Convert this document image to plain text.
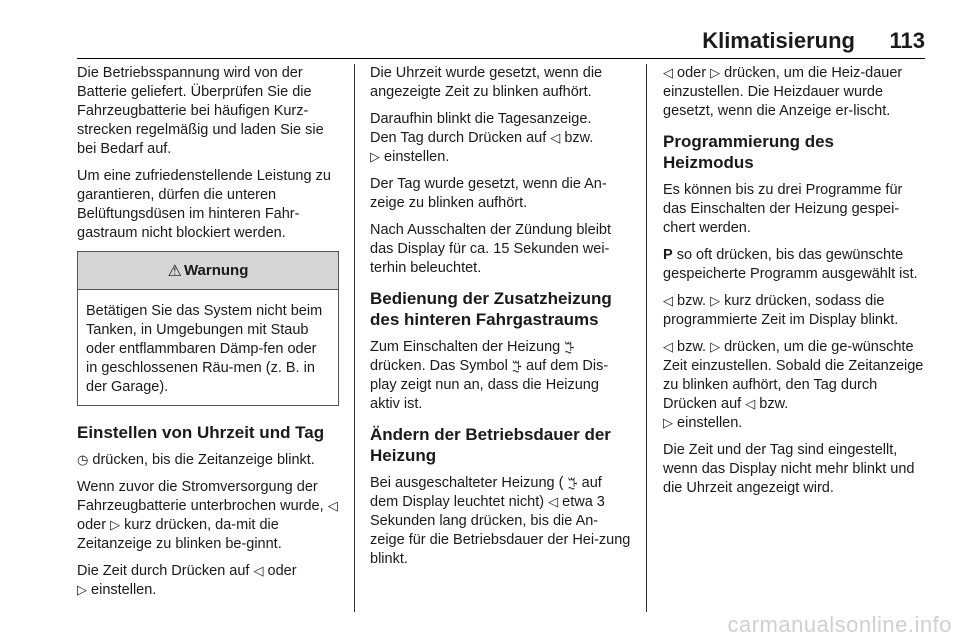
Klimatisierung 113

Die Betriebsspannung wird von der Batterie geliefert. Überprüfen Sie die Fahrzeugbatterie bei häufigen Kurz-strecken regelmäßig und laden Sie sie bei Bedarf auf.

Um eine zufriedenstellende Leistung zu garantieren, dürfen die unteren Belüftungsdüsen im hinteren Fahr-gastraum nicht blockiert werden.

⚠ Warnung
Betätigen Sie das System nicht beim Tanken, in Umgebungen mit Staub oder entflammbaren Dämp-fen oder in geschlossenen Räu-men (z. B. in der Garage).
Einstellen von Uhrzeit und Tag

◷ drücken, bis die Zeitanzeige blinkt.

Wenn zuvor die Stromversorgung der Fahrzeugbatterie unterbrochen wurde, ◁ oder ▷ kurz drücken, da-mit die Zeitanzeige zu blinken be-ginnt.

Die Zeit durch Drücken auf ◁ oder
▷ einstellen.

Die Uhrzeit wurde gesetzt, wenn die angezeigte Zeit zu blinken aufhört.

Daraufhin blinkt die Tagesanzeige.
Den Tag durch Drücken auf ◁ bzw.
▷ einstellen.

Der Tag wurde gesetzt, wenn die An-zeige zu blinken aufhört.

Nach Ausschalten der Zündung bleibt das Display für ca. 15 Sekunden wei-terhin beleuchtet.

Bedienung der Zusatzheizung des hinteren Fahrgastraums

Zum Einschalten der Heizung ꔓ
drücken. Das Symbol ꔓ auf dem Dis-play zeigt nun an, dass die Heizung aktiv ist.

Ändern der Betriebsdauer der Heizung

Bei ausgeschalteter Heizung ( ꔓ auf dem Display leuchtet nicht) ◁ etwa 3 Sekunden lang drücken, bis die An-zeige für die Betriebsdauer der Hei-zung blinkt.

◁ oder ▷ drücken, um die Heiz-dauer einzustellen. Die Heizdauer wurde gesetzt, wenn die Anzeige er-lischt.

Programmierung des Heizmodus

Es können bis zu drei Programme für das Einschalten der Heizung gespei-chert werden.

P so oft drücken, bis das gewünschte gespeicherte Programm ausgewählt ist.

◁ bzw. ▷ kurz drücken, sodass die programmierte Zeit im Display blinkt.

◁ bzw. ▷ drücken, um die ge-wünschte Zeit einzustellen. Sobald die Zeitanzeige zu blinken aufhört, den Tag durch Drücken auf ◁ bzw.
▷ einstellen.

Die Zeit und der Tag sind eingestellt, wenn das Display nicht mehr blinkt und die Uhrzeit angezeigt wird.

carmanualsonline.info
